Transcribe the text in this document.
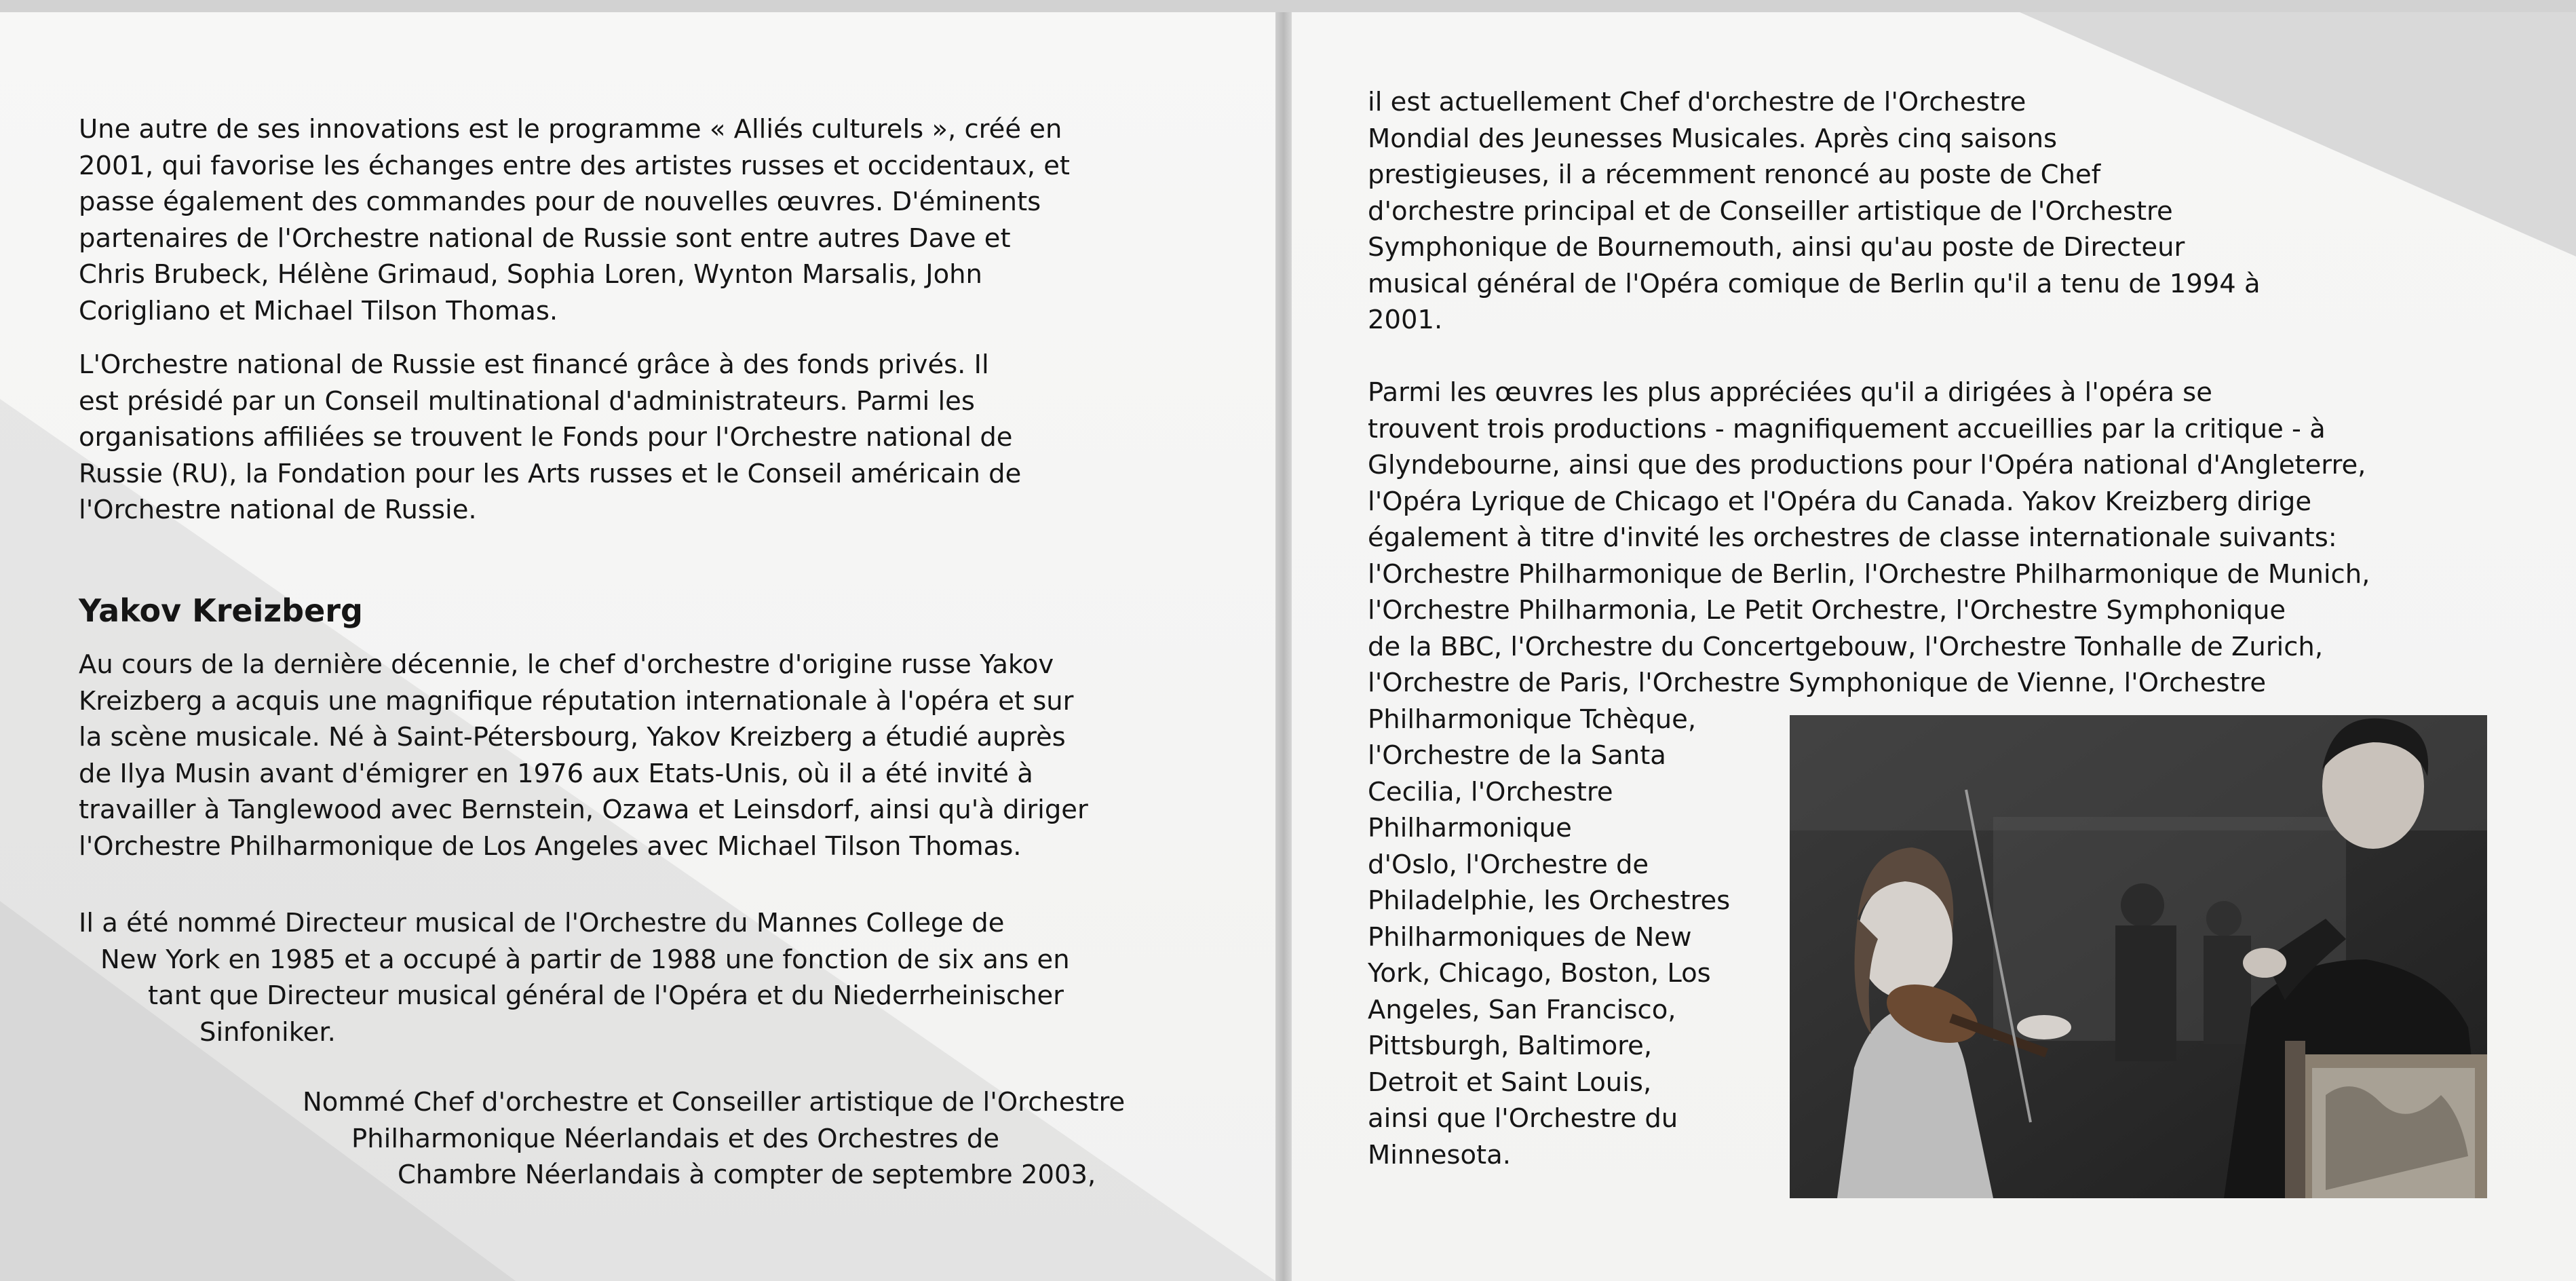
Une autre de ses innovations est le programme « Alliés culturels », créé en
2001, qui favorise les échanges entre des artistes russes et occidentaux, et
passe également des commandes pour de nouvelles œuvres. D'éminents
partenaires de l'Orchestre national de Russie sont entre autres Dave et
Chris Brubeck, Hélène Grimaud, Sophia Loren, Wynton Marsalis, John
Corigliano et Michael Tilson Thomas.
L'Orchestre national de Russie est financé grâce à des fonds privés. Il
est présidé par un Conseil multinational d'administrateurs. Parmi les
organisations affiliées se trouvent le Fonds pour l'Orchestre national de
Russie (RU), la Fondation pour les Arts russes et le Conseil américain de
l'Orchestre national de Russie.
Yakov Kreizberg
Au cours de la dernière décennie, le chef d'orchestre d'origine russe Yakov
Kreizberg a acquis une magnifique réputation internationale à l'opéra et sur
la scène musicale. Né à Saint-Pétersbourg, Yakov Kreizberg a étudié auprès
de Ilya Musin avant d'émigrer en 1976 aux Etats-Unis, où il a été invité à
travailler à Tanglewood avec Bernstein, Ozawa et Leinsdorf, ainsi qu'à diriger
l'Orchestre Philharmonique de Los Angeles avec Michael Tilson Thomas.
Il a été nommé Directeur musical de l'Orchestre du Mannes College de
New York en 1985 et a occupé à partir de 1988 une fonction de six ans en
tant que Directeur musical général de l'Opéra et du Niederrheinischer
Sinfoniker.
Nommé Chef d'orchestre et Conseiller artistique de l'Orchestre
Philharmonique Néerlandais et des Orchestres de
Chambre Néerlandais à compter de septembre 2003,
il est actuellement Chef d'orchestre de l'Orchestre
Mondial des Jeunesses Musicales. Après cinq saisons
prestigieuses, il a récemment renoncé au poste de Chef
d'orchestre principal et de Conseiller artistique de l'Orchestre
Symphonique de Bournemouth, ainsi qu'au poste de Directeur
musical général de l'Opéra comique de Berlin qu'il a tenu de 1994 à
2001.
Parmi les œuvres les plus appréciées qu'il a dirigées à l'opéra se
trouvent trois productions - magnifiquement accueillies par la critique - à
Glyndebourne, ainsi que des productions pour l'Opéra national d'Angleterre,
l'Opéra Lyrique de Chicago et l'Opéra du Canada. Yakov Kreizberg dirige
également à titre d'invité les orchestres de classe internationale suivants:
l'Orchestre Philharmonique de Berlin, l'Orchestre Philharmonique de Munich,
l'Orchestre Philharmonia, Le Petit Orchestre, l'Orchestre Symphonique
de la BBC, l'Orchestre du Concertgebouw, l'Orchestre Tonhalle de Zurich,
l'Orchestre de Paris, l'Orchestre Symphonique de Vienne, l'Orchestre
Philharmonique Tchèque,
l'Orchestre de la Santa
Cecilia, l'Orchestre
Philharmonique
d'Oslo, l'Orchestre de
Philadelphie, les Orchestres
Philharmoniques de New
York, Chicago, Boston, Los
Angeles, San Francisco,
Pittsburgh, Baltimore,
Detroit et Saint Louis,
ainsi que l'Orchestre du
Minnesota.
